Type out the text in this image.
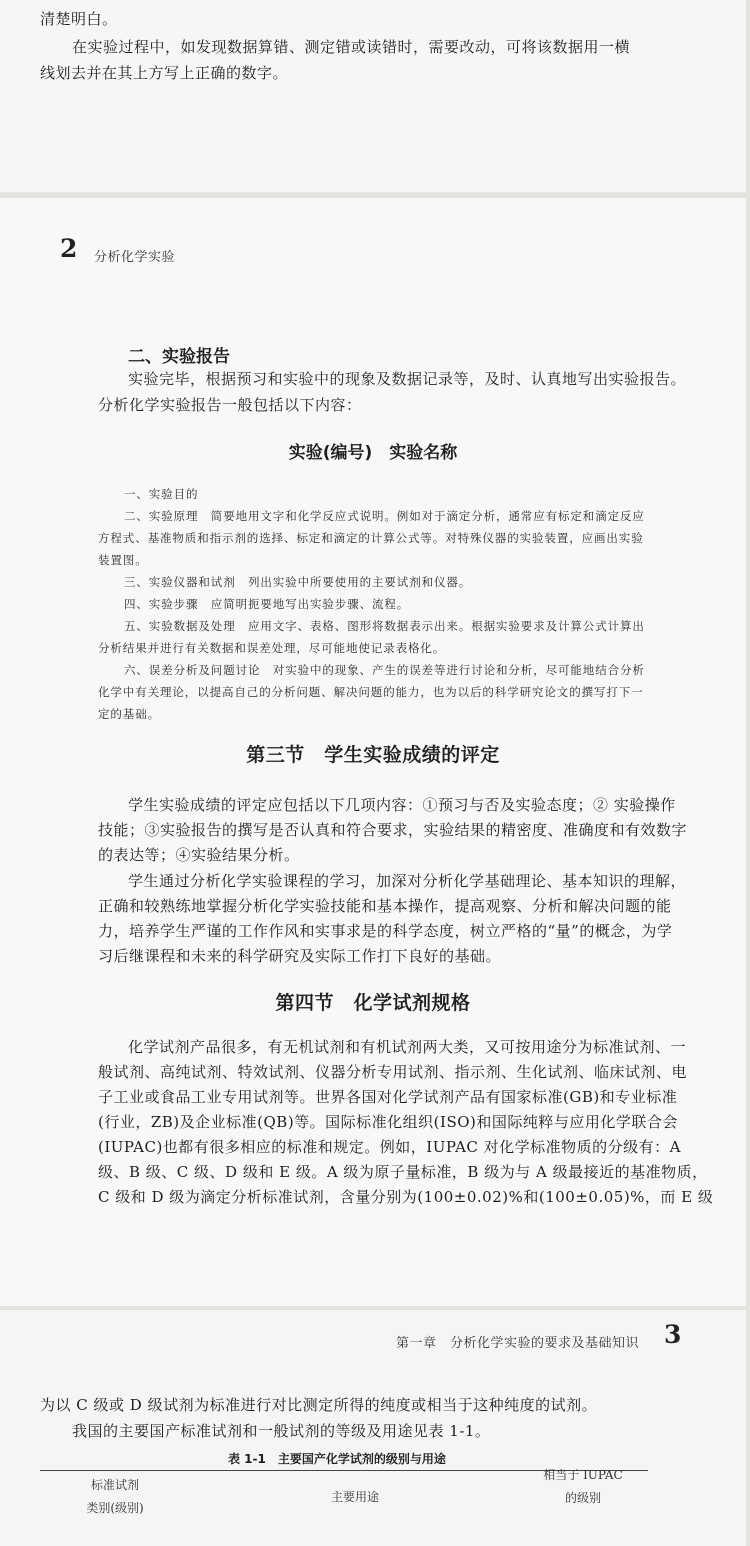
清楚明白。
在实验过程中，如发现数据算错、测定错或读错时，需要改动，可将该数据用一横
线划去并在其上方写上正确的数字。
2 分析化学实验
二、实验报告
实验完毕，根据预习和实验中的现象及数据记录等，及时、认真地写出实验报告。
分析化学实验报告一般包括以下内容：
实验(编号)　实验名称
一、实验目的
二、实验原理　简要地用文字和化学反应式说明。例如对于滴定分析，通常应有标定和滴定反应
方程式、基准物质和指示剂的选择、标定和滴定的计算公式等。对特殊仪器的实验装置，应画出实验
装置图。
三、实验仪器和试剂　列出实验中所要使用的主要试剂和仪器。
四、实验步骤　应简明扼要地写出实验步骤、流程。
五、实验数据及处理　应用文字、表格、图形将数据表示出来。根据实验要求及计算公式计算出
分析结果并进行有关数据和误差处理，尽可能地使记录表格化。
六、误差分析及问题讨论　对实验中的现象、产生的误差等进行讨论和分析，尽可能地结合分析
化学中有关理论，以提高自己的分析问题、解决问题的能力，也为以后的科学研究论文的撰写打下一
定的基础。
第三节　学生实验成绩的评定
学生实验成绩的评定应包括以下几项内容：①预习与否及实验态度；② 实验操作
技能；③实验报告的撰写是否认真和符合要求，实验结果的精密度、准确度和有效数字
的表达等；④实验结果分析。
学生通过分析化学实验课程的学习，加深对分析化学基础理论、基本知识的理解，
正确和较熟练地掌握分析化学实验技能和基本操作，提高观察、分析和解决问题的能
力，培养学生严谨的工作作风和实事求是的科学态度，树立严格的“量”的概念，为学
习后继课程和未来的科学研究及实际工作打下良好的基础。
第四节　化学试剂规格
化学试剂产品很多，有无机试剂和有机试剂两大类，又可按用途分为标准试剂、一
般试剂、高纯试剂、特效试剂、仪器分析专用试剂、指示剂、生化试剂、临床试剂、电
子工业或食品工业专用试剂等。世界各国对化学试剂产品有国家标准(GB)和专业标准
(行业，ZB)及企业标准(QB)等。国际标准化组织(ISO)和国际纯粹与应用化学联合会
(IUPAC)也都有很多相应的标准和规定。例如，IUPAC 对化学标准物质的分级有：A
级、B 级、C 级、D 级和 E 级。A 级为原子量标准，B 级为与 A 级最接近的基准物质，
C 级和 D 级为滴定分析标准试剂，含量分别为(100±0.02)%和(100±0.05)%，而 E 级
第一章　分析化学实验的要求及基础知识 3
为以 C 级或 D 级试剂为标准进行对比测定所得的纯度或相当于这种纯度的试剂。
我国的主要国产标准试剂和一般试剂的等级及用途见表 1-1。
表 1-1　主要国产化学试剂的级别与用途
标准试剂
类别(级别)
主要用途
相当于 IUPAC
的级别
